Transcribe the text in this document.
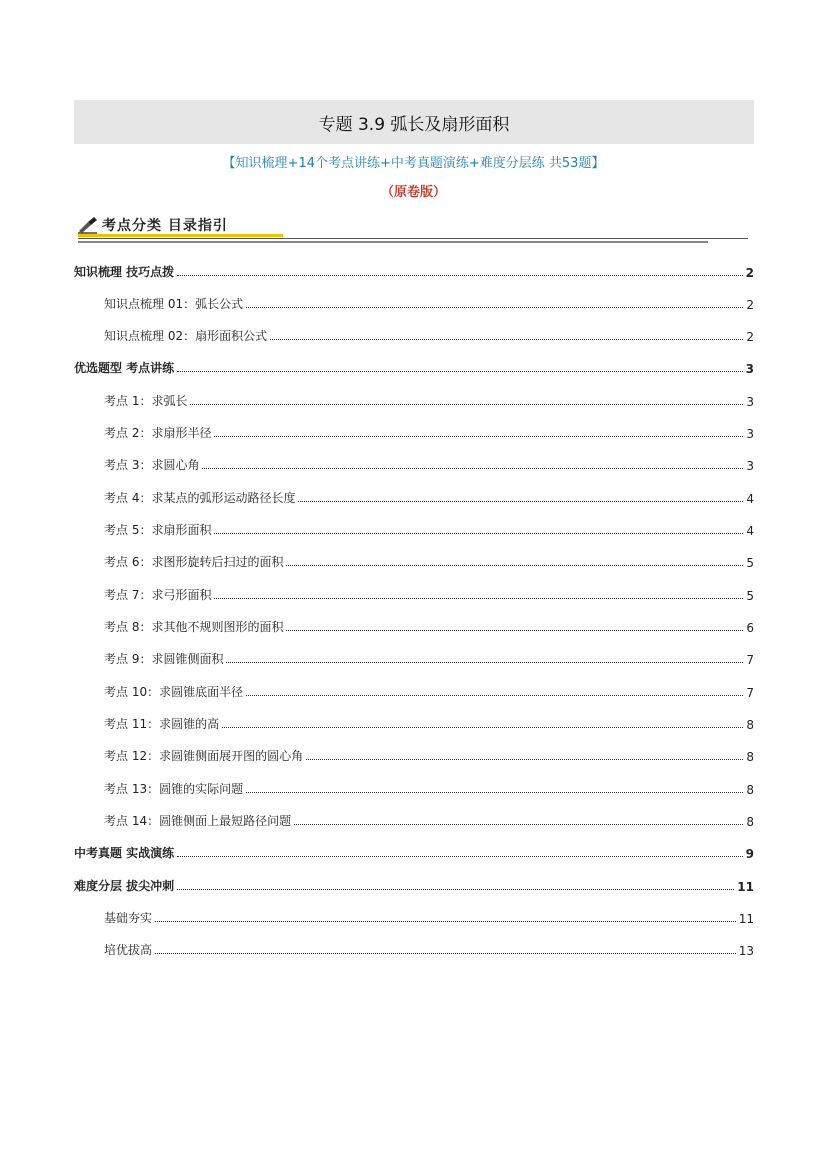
专题 3.9 弧长及扇形面积
【知识梳理+14个考点讲练+中考真题演练+难度分层练 共53题】
（原卷版）
考点分类 目录指引
知识梳理 技巧点拨	2
知识点梳理 01：弧长公式	2
知识点梳理 02：扇形面积公式	2
优选题型 考点讲练	3
考点 1：求弧长	3
考点 2：求扇形半径	3
考点 3：求圆心角	3
考点 4：求某点的弧形运动路径长度	4
考点 5：求扇形面积	4
考点 6：求图形旋转后扫过的面积	5
考点 7：求弓形面积	5
考点 8：求其他不规则图形的面积	6
考点 9：求圆锥侧面积	7
考点 10：求圆锥底面半径	7
考点 11：求圆锥的高	8
考点 12：求圆锥侧面展开图的圆心角	8
考点 13：圆锥的实际问题	8
考点 14：圆锥侧面上最短路径问题	8
中考真题 实战演练	9
难度分层 拔尖冲刺	11
基础夯实	11
培优拔高	13
